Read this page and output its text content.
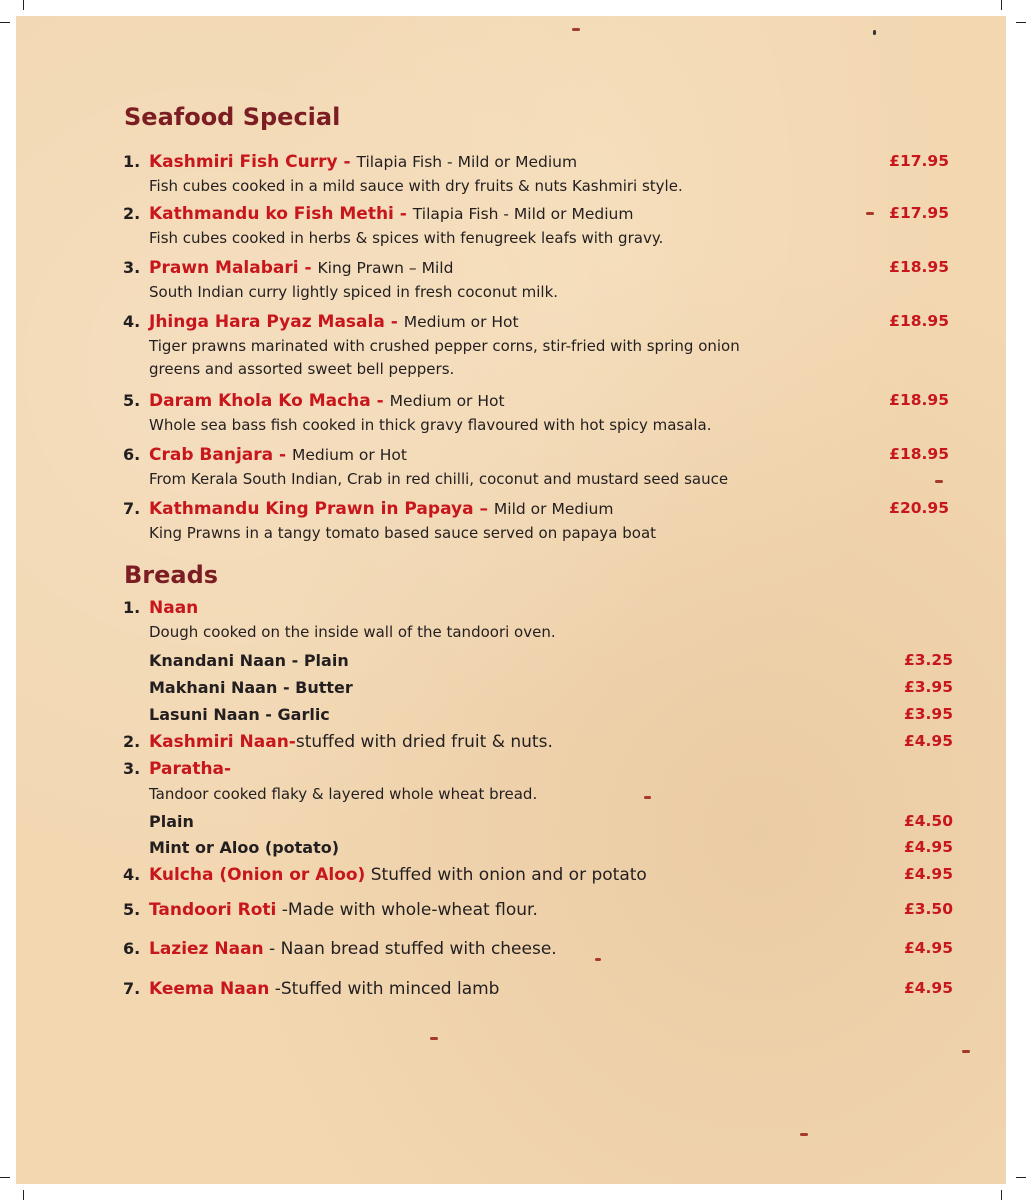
Seafood Special
1. Kashmiri Fish Curry - Tilapia Fish - Mild or Medium	£17.95
Fish cubes cooked in a mild sauce with dry fruits & nuts Kashmiri style.
2. Kathmandu ko Fish Methi - Tilapia Fish - Mild or Medium	£17.95
Fish cubes cooked in herbs & spices with fenugreek leafs with gravy.
3. Prawn Malabari - King Prawn – Mild	£18.95
South Indian curry lightly spiced in fresh coconut milk.
4. Jhinga Hara Pyaz Masala - Medium or Hot	£18.95
Tiger prawns marinated with crushed pepper corns, stir-fried with spring onion
greens and assorted sweet bell peppers.
5. Daram Khola Ko Macha - Medium or Hot	£18.95
Whole sea bass fish cooked in thick gravy flavoured with hot spicy masala.
6. Crab Banjara - Medium or Hot	£18.95
From Kerala South Indian, Crab in red chilli, coconut and mustard seed sauce
7. Kathmandu King Prawn in Papaya – Mild or Medium	£20.95
King Prawns in a tangy tomato based sauce served on papaya boat
Breads
1. Naan
Dough cooked on the inside wall of the tandoori oven.
Knandani Naan - Plain	£3.25
Makhani Naan - Butter	£3.95
Lasuni Naan - Garlic	£3.95
2. Kashmiri Naan-stuffed with dried fruit & nuts.	£4.95
3. Paratha-
Tandoor cooked flaky & layered whole wheat bread.
Plain	£4.50
Mint or Aloo (potato)	£4.95
4. Kulcha (Onion or Aloo) Stuffed with onion and or potato	£4.95
5. Tandoori Roti -Made with whole-wheat flour.	£3.50
6. Laziez Naan - Naan bread stuffed with cheese.	£4.95
7. Keema Naan -Stuffed with minced lamb	£4.95
